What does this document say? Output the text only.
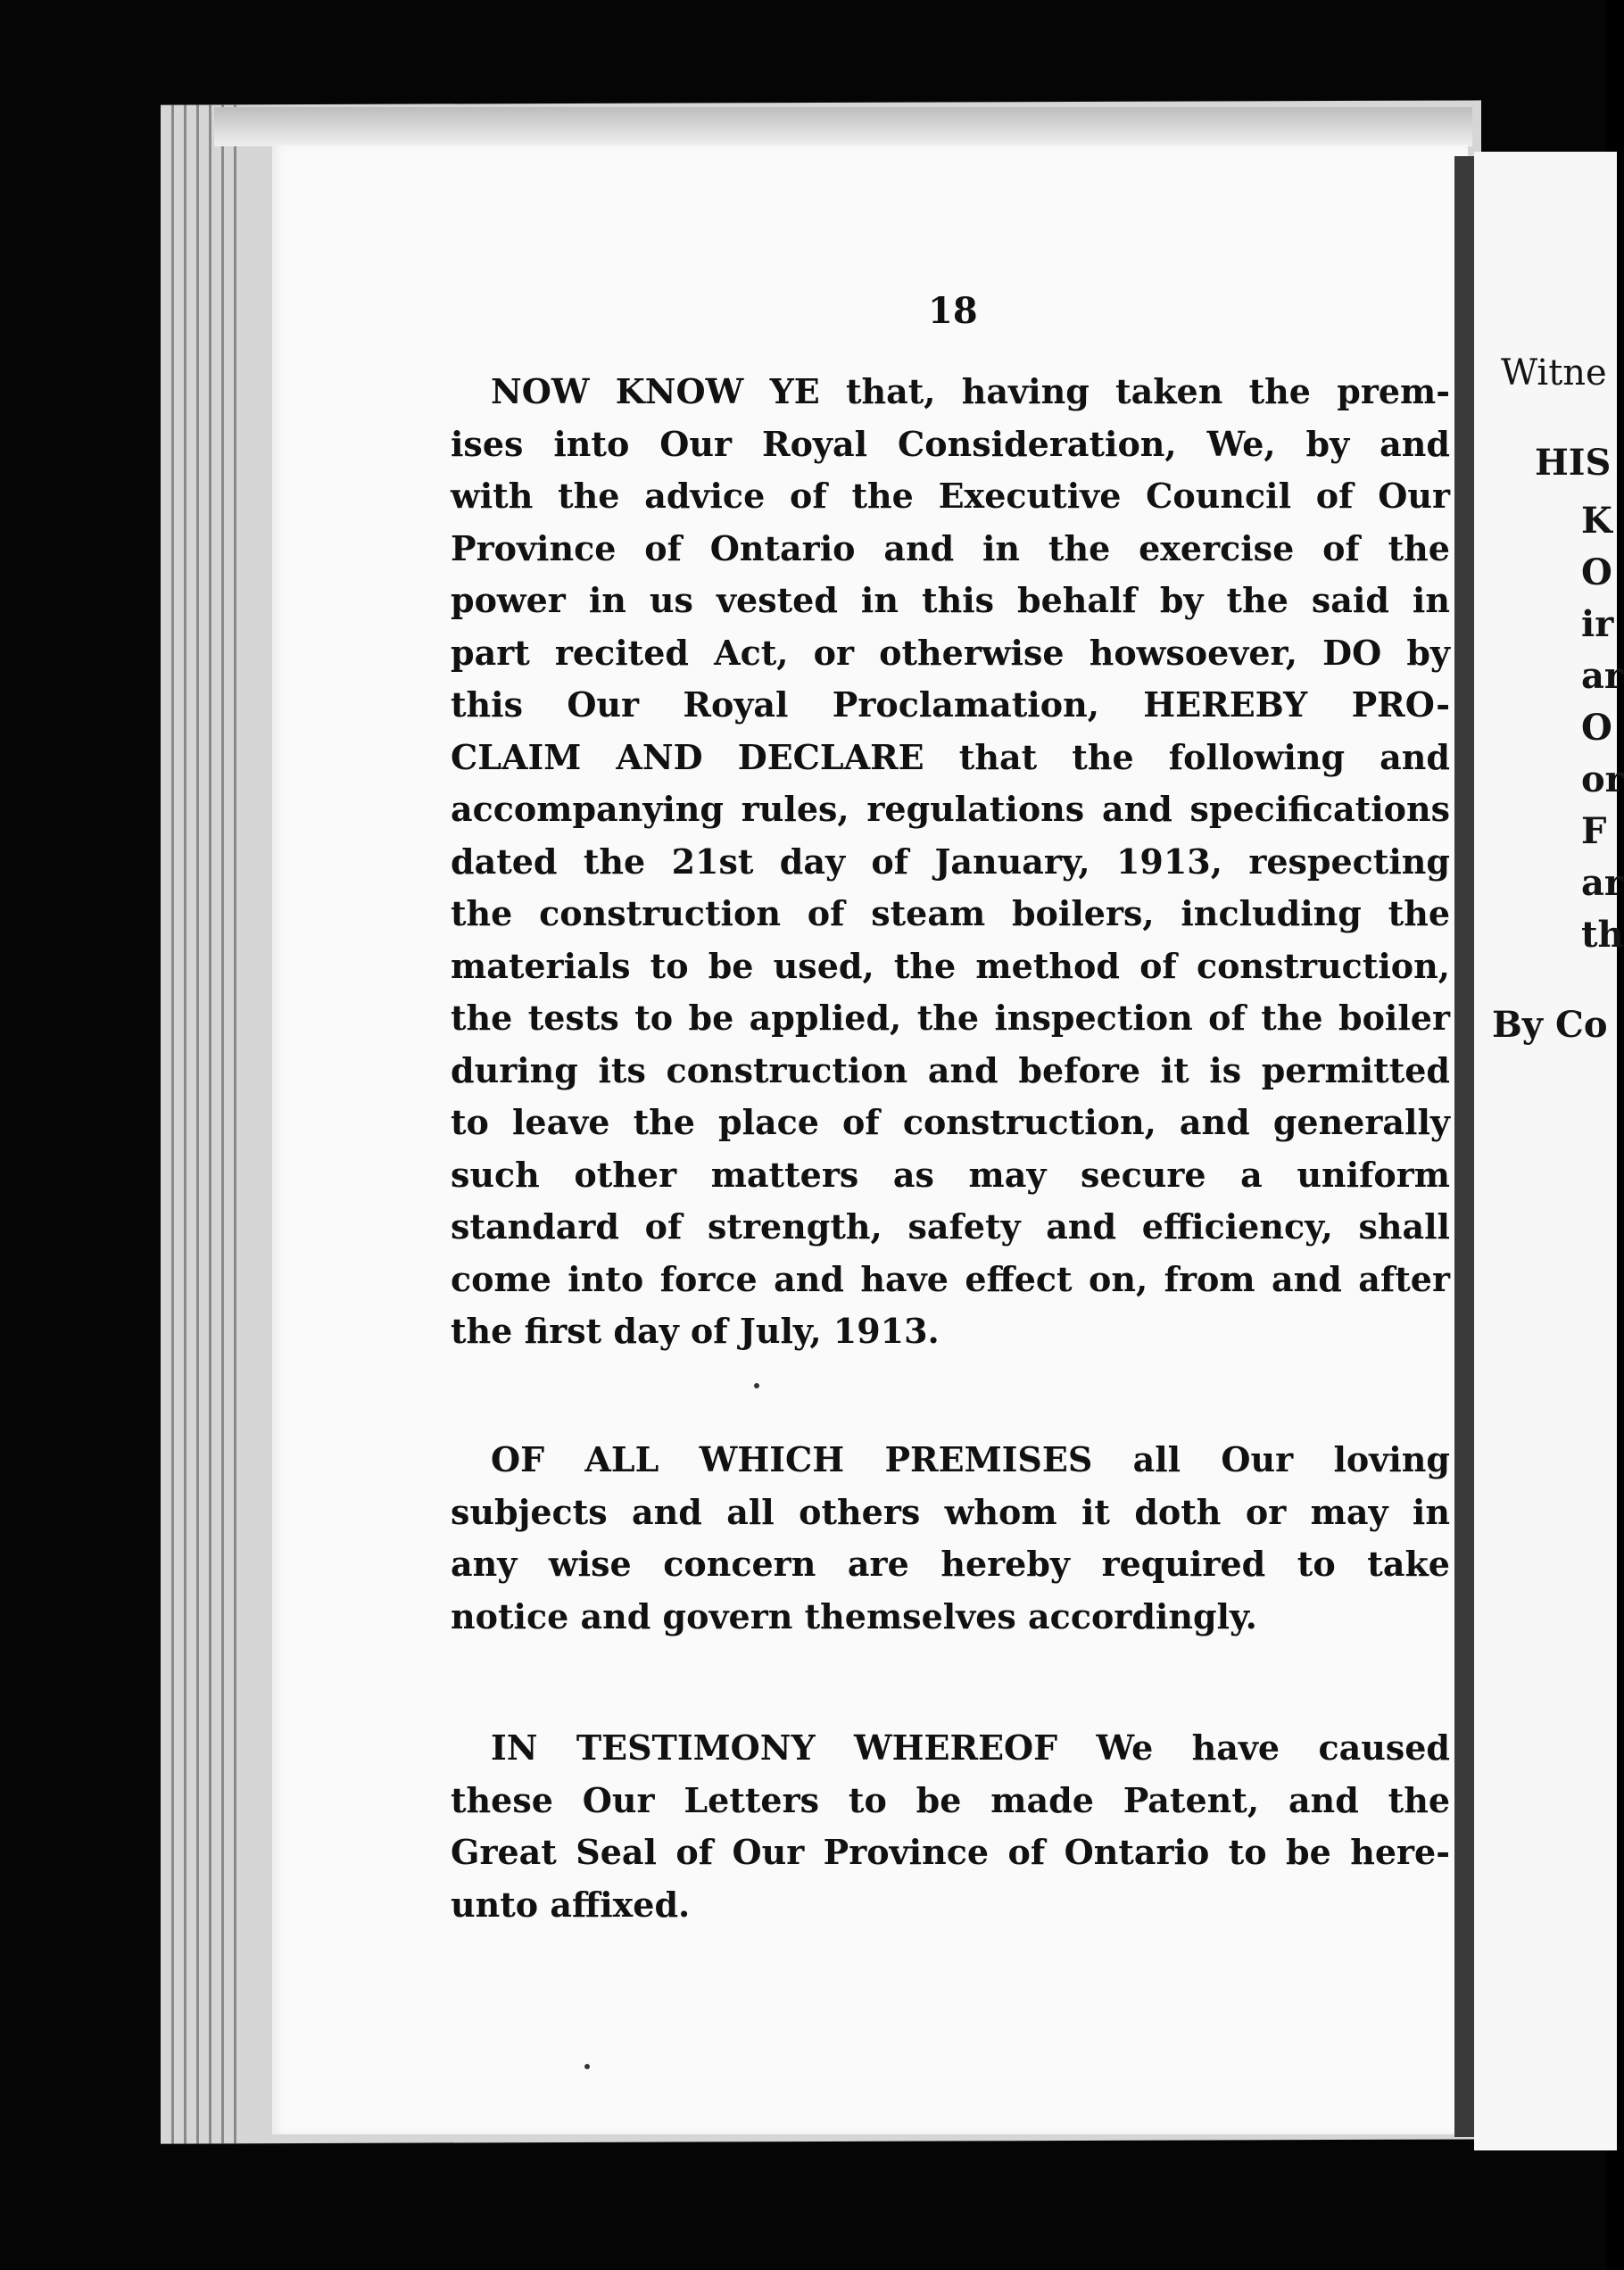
18
NOW KNOW YE that, having taken the prem-
ises into Our Royal Consideration, We, by and
with the advice of the Executive Council of Our
Province of Ontario and in the exercise of the
power in us vested in this behalf by the said in
part recited Act, or otherwise howsoever, DO by
this Our Royal Proclamation, HEREBY PRO-
CLAIM AND DECLARE that the following and
accompanying rules, regulations and specifications
dated the 21st day of January, 1913, respecting
the construction of steam boilers, including the
materials to be used, the method of construction,
the tests to be applied, the inspection of the boiler
during its construction and before it is permitted
to leave the place of construction, and generally
such other matters as may secure a uniform
standard of strength, safety and efficiency, shall
come into force and have effect on, from and after
the first day of July, 1913.
OF ALL WHICH PREMISES all Our loving
subjects and all others whom it doth or may in
any wise concern are hereby required to take
notice and govern themselves accordingly.
IN TESTIMONY WHEREOF We have caused
these Our Letters to be made Patent, and the
Great Seal of Our Province of Ontario to be here-
unto affixed.
Witne
HIS
K
O
ir
ar
O
or
F
ar
th
By Co
